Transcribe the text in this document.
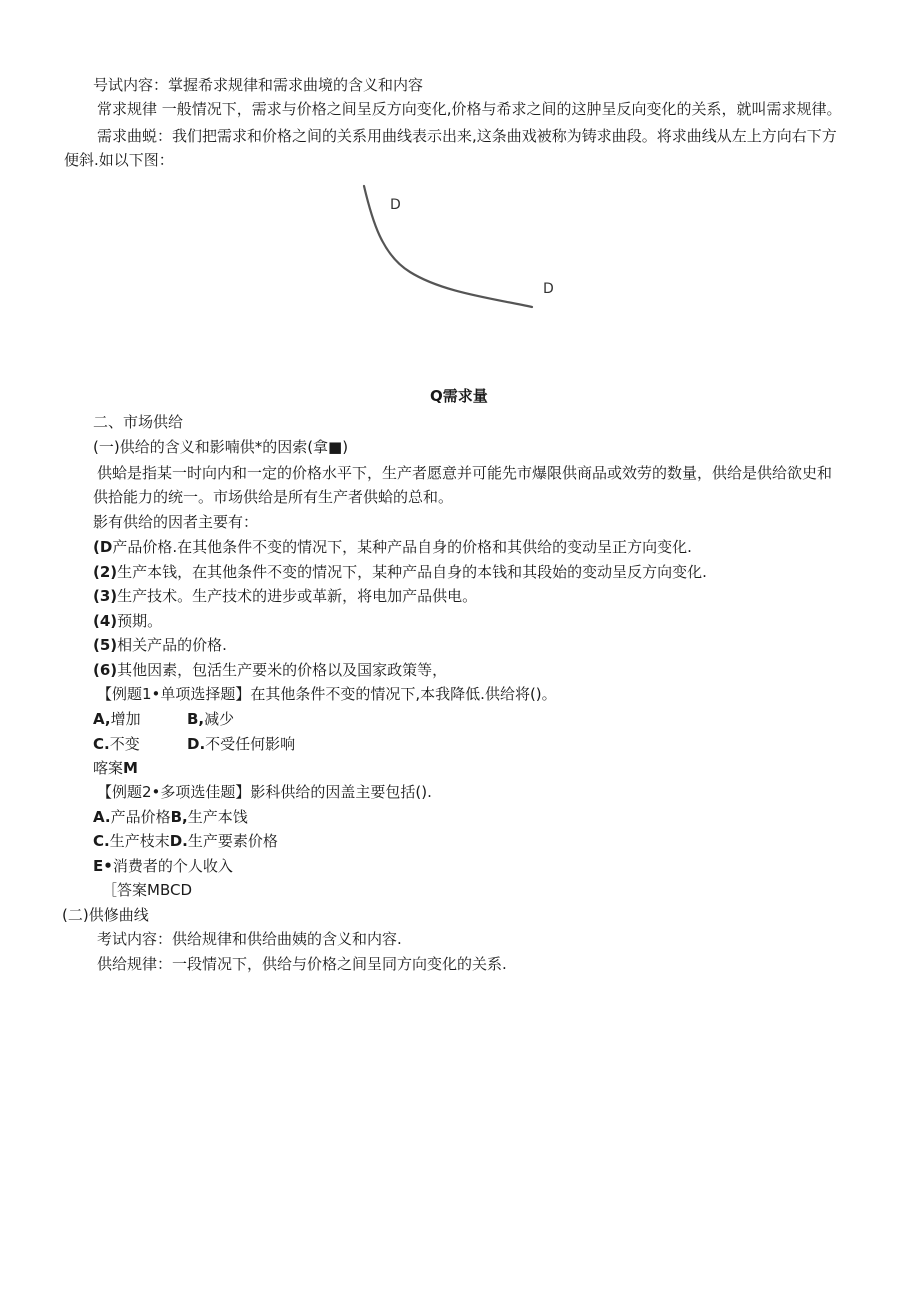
号试内容：掌握希求规律和需求曲境的含义和内容
常求规律 一般情况下，需求与价格之间呈反方向变化,价格与希求之间的这肿呈反向变化的关系，就叫需求规律。
需求曲蜕：我们把需求和价格之间的关系用曲线表示出来,这条曲戏被称为铸求曲段。将求曲线从左上方向右下方
便斜.如以下图：
D
D
Q需求量
二、市场供给
(一)供给的含义和影喃供*的因索(拿■)
供蛤是指某一时向内和一定的价格水平下，生产者愿意并可能先市爆限供商品或效劳的数量，供给是供给欲史和
供拾能力的统一。市场供给是所有生产者供蛤的总和。
影有供给的因者主要有：
(D产品价格.在其他条件不变的情况下，某种产品自身的价格和其供给的变动呈正方向变化.
(2)生产本钱，在其他条件不变的情况下，某种产品自身的本钱和其段始的变动呈反方向变化.
(3)生产技术。生产技术的进步或革新，将电加产品供电。
(4)预期。
(5)相关产品的价格.
(6)其他因素，包活生产要米的价格以及国家政策等，
【例题1•单项选择题】在其他条件不变的情况下,本我降低.供给将()。
A,增加	B,减少
C.不变	D.不受任何影响
喀案M
【例题2•多项选佳题】影科供给的因盖主要包括().
A.产品价格B,生产本饯
C.生产枝末D.生产要素价格
E•消费者的个人收入
［答案MBCD
(二)供修曲线
考试内容：供给规律和供给曲姨的含义和内容.
供给规律：一段情况下，供给与价格之间呈同方向变化的关系.
